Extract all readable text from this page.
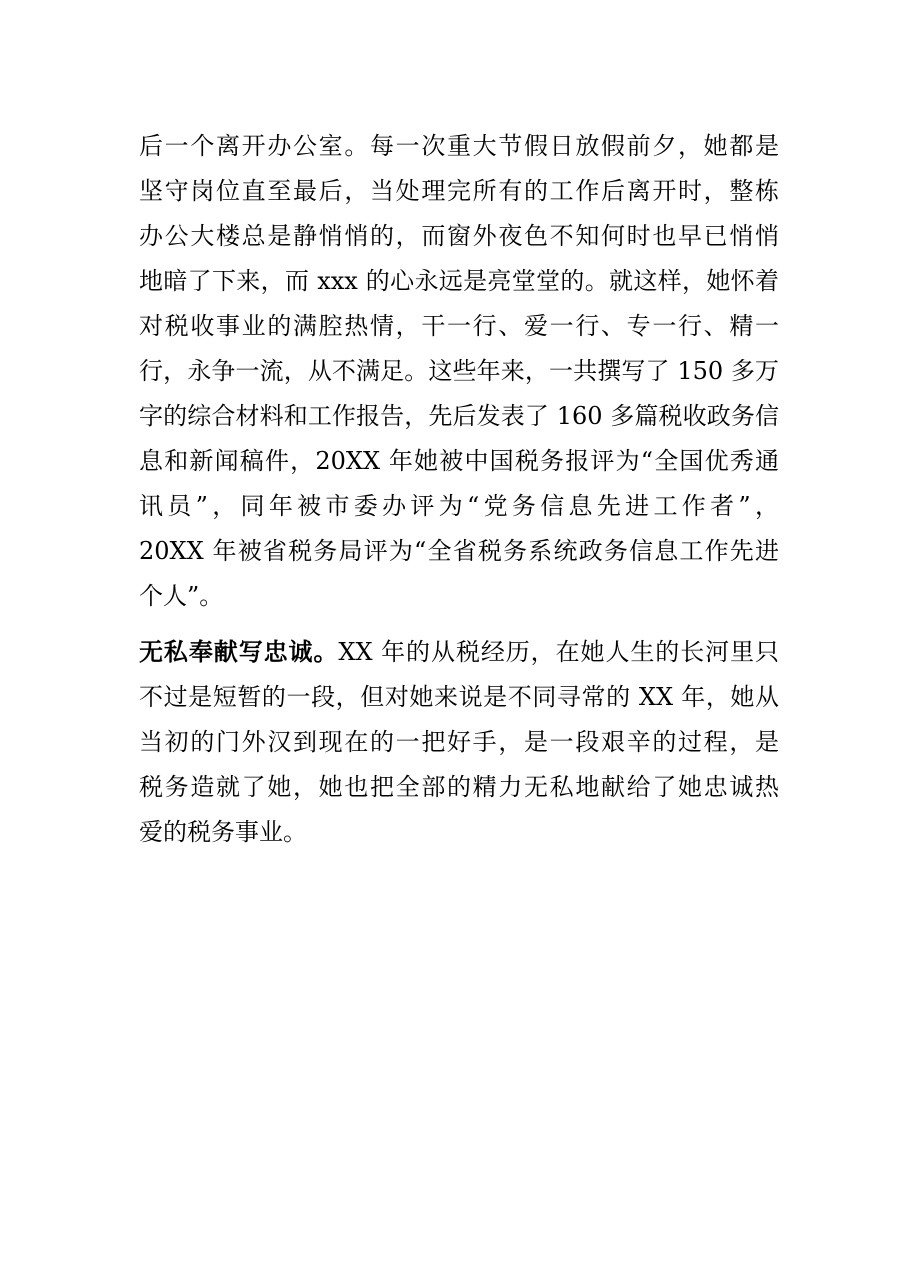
后一个离开办公室。每一次重大节假日放假前夕，她都是
坚守岗位直至最后，当处理完所有的工作后离开时，整栋
办公大楼总是静悄悄的，而窗外夜色不知何时也早已悄悄
地暗了下来，而 xxx 的心永远是亮堂堂的。就这样，她怀着
对税收事业的满腔热情，干一行、爱一行、专一行、精一
行，永争一流，从不满足。这些年来，一共撰写了 150 多万
字的综合材料和工作报告，先后发表了 160 多篇税收政务信
息和新闻稿件，20XX 年她被中国税务报评为“全国优秀通
讯员”，同年被市委办评为“党务信息先进工作者”，
20XX 年被省税务局评为“全省税务系统政务信息工作先进
个人”。
无私奉献写忠诚。XX 年的从税经历，在她人生的长河里只
不过是短暂的一段，但对她来说是不同寻常的 XX 年，她从
当初的门外汉到现在的一把好手，是一段艰辛的过程，是
税务造就了她，她也把全部的精力无私地献给了她忠诚热
爱的税务事业。
